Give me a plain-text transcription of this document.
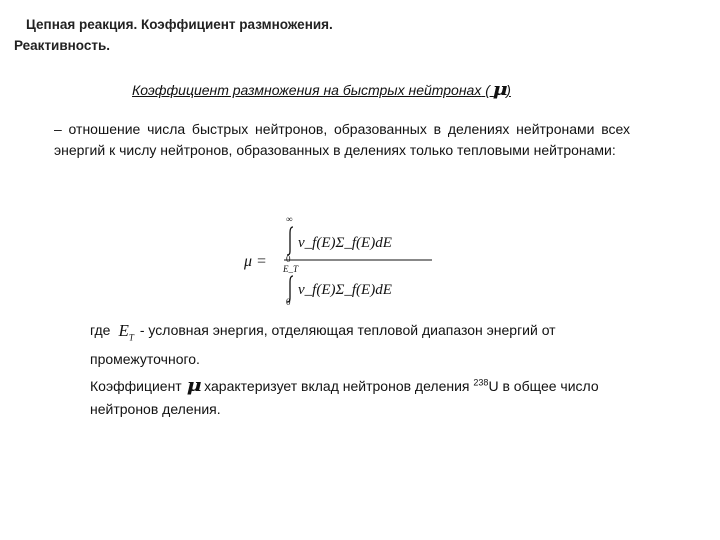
Цепная реакция. Коэффициент размножения.
Реактивность.
Коэффициент размножения на быстрых нейтронах ( μ)
– отношение числа быстрых нейтронов, образованных в делениях нейтронами всех энергий к числу нейтронов, образованных в делениях только тепловыми нейтронами:
μ =
∞
0
ν_f(E)Σ_f(E)dE
E_T
0
ν_f(E)Σ_f(E)dE
где $E_T$ - условная энергия, отделяющая тепловой диапазон энергий от промежуточного.
Коэффициент μ характеризует вклад нейтронов деления $^{238}$U в общее число нейтронов деления.
